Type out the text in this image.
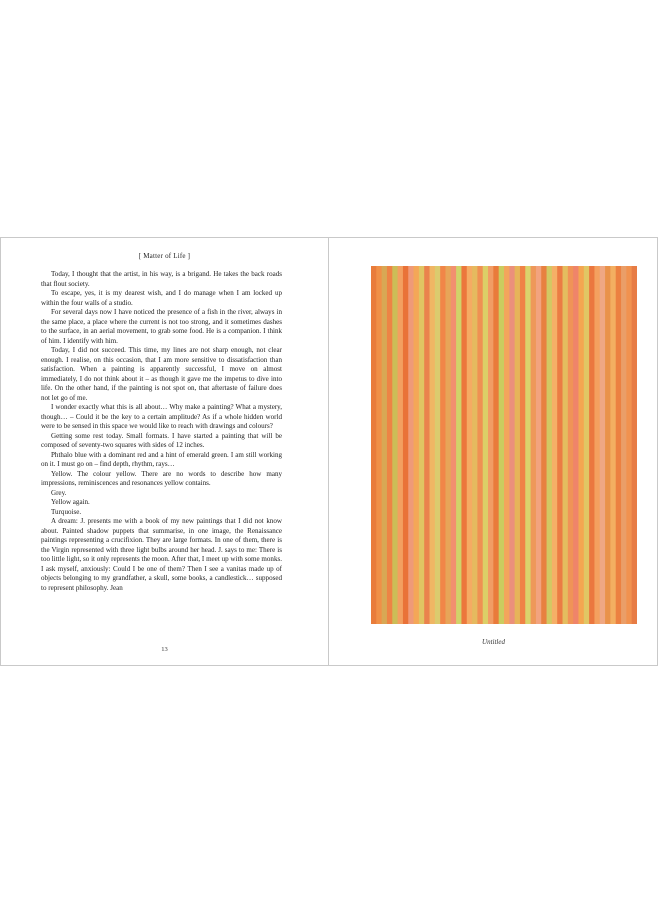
[ Matter of Life ]

Today, I thought that the artist, in his way, is a brigand. He takes the back roads that flout society.

To escape, yes, it is my dearest wish, and I do manage when I am locked up within the four walls of a studio.

For several days now I have noticed the presence of a fish in the river, always in the same place, a place where the current is not too strong, and it sometimes dashes to the surface, in an aerial movement, to grab some food. He is a companion. I think of him. I identify with him.

Today, I did not succeed. This time, my lines are not sharp enough, not clear enough. I realise, on this occasion, that I am more sensitive to dissatisfaction than satisfaction. When a painting is apparently successful, I move on almost immediately, I do not think about it – as though it gave me the impetus to dive into life. On the other hand, if the painting is not spot on, that aftertaste of failure does not let go of me.

I wonder exactly what this is all about… Why make a painting? What a mystery, though… – Could it be the key to a certain amplitude? As if a whole hidden world were to be sensed in this space we would like to reach with drawings and colours?

Getting some rest today. Small formats. I have started a painting that will be composed of seventy-two squares with sides of 12 inches.

Phthalo blue with a dominant red and a hint of emerald green. I am still working on it. I must go on – find depth, rhythm, rays…

Yellow. The colour yellow. There are no words to describe how many impressions, reminiscences and resonances yellow contains.

Grey.

Yellow again.

Turquoise.

A dream: J. presents me with a book of my new paintings that I did not know about. Painted shadow puppets that summarise, in one image, the Renaissance paintings representing a crucifixion. They are large formats. In one of them, there is the Virgin represented with three light bulbs around her head. J. says to me: There is too little light, so it only represents the moon. After that, I meet up with some monks. I ask myself, anxiously: Could I be one of them? Then I see a vanitas made up of objects belonging to my grandfather, a skull, some books, a candlestick… supposed to represent philosophy. Jean

13
Untitled
